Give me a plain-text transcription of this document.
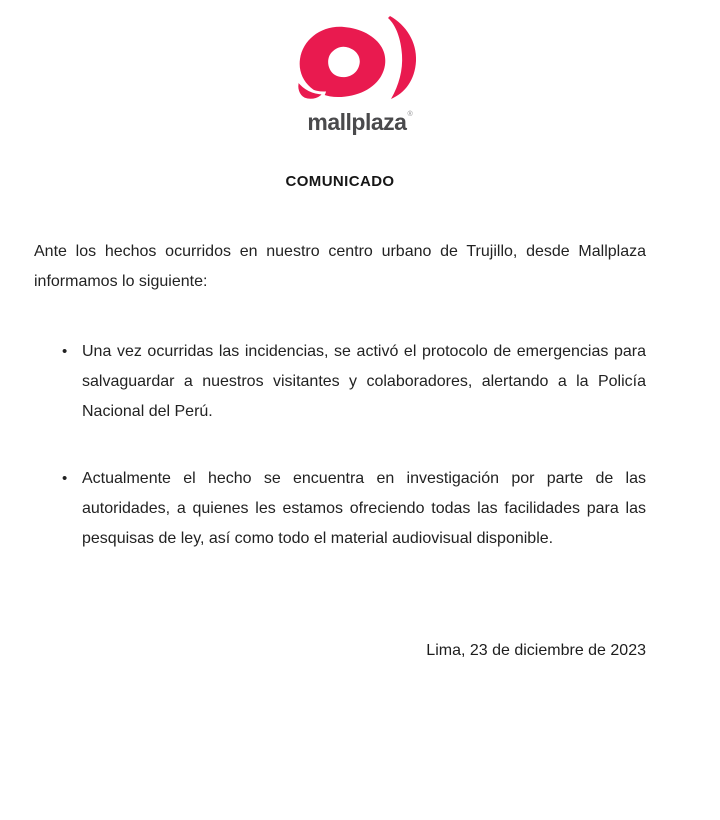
mallplaza®
COMUNICADO

Ante los hechos ocurridos en nuestro centro urbano de Trujillo, desde Mallplaza informamos lo siguiente:

• Una vez ocurridas las incidencias, se activó el protocolo de emergencias para salvaguardar a nuestros visitantes y colaboradores, alertando a la Policía Nacional del Perú.
• Actualmente el hecho se encuentra en investigación por parte de las autoridades, a quienes les estamos ofreciendo todas las facilidades para las pesquisas de ley, así como todo el material audiovisual disponible.
Lima, 23 de diciembre de 2023
